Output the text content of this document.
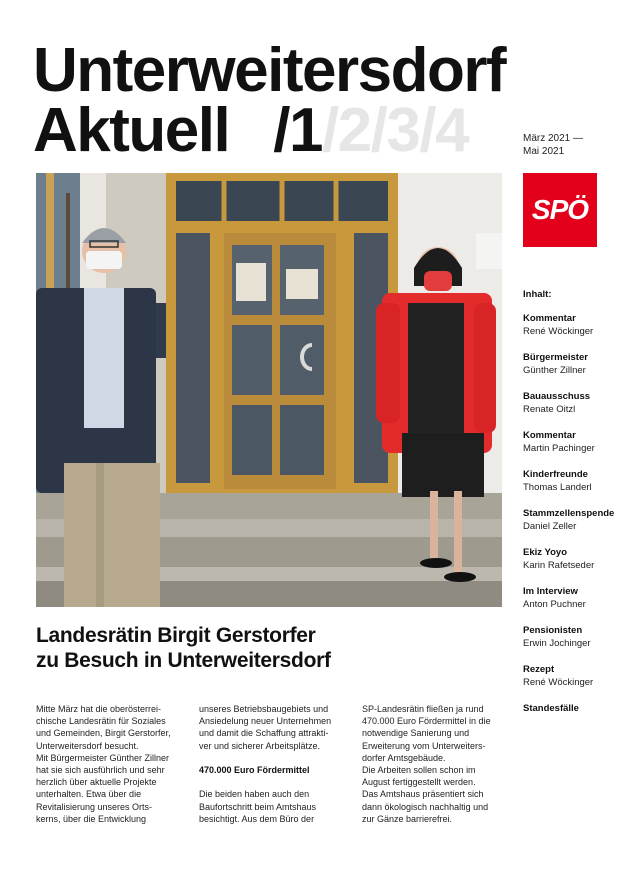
Unterweitersdorf
Aktuell /1/2/3/4	März 2021 —
Mai 2021
SPÖ
Inhalt:
Kommentar
René Wöckinger
Bürgermeister
Günther Zillner
Bauausschuss
Renate Oitzl
Kommentar
Martin Pachinger
Kinderfreunde
Thomas Landerl
Stammzellenspende
Daniel Zeller
Ekiz Yoyo
Karin Rafetseder
Im Interview
Anton Puchner
Pensionisten
Erwin Jochinger
Rezept
René Wöckinger
Standesfälle
Landesrätin Birgit Gerstorfer
zu Besuch in Unterweitersdorf
Mitte März hat die oberösterrei-
chische Landesrätin für Soziales
und Gemeinden, Birgit Gerstorfer,
Unterweitersdorf besucht.
Mit Bürgermeister Günther Zillner
hat sie sich ausführlich und sehr
herzlich über aktuelle Projekte
unterhalten. Etwa über die
Revitalisierung unseres Orts-
kerns, über die Entwicklung
unseres Betriebsbaugebiets und
Ansiedelung neuer Unternehmen
und damit die Schaffung attrakti-
ver und sicherer Arbeitsplätze.
470.000 Euro Fördermittel
Die beiden haben auch den
Baufortschritt beim Amtshaus
besichtigt. Aus dem Büro der
SP-Landesrätin fließen ja rund
470.000 Euro Fördermittel in die
notwendige Sanierung und
Erweiterung vom Unterweiters-
dorfer Amtsgebäude.
Die Arbeiten sollen schon im
August fertiggestellt werden.
Das Amtshaus präsentiert sich
dann ökologisch nachhaltig und
zur Gänze barrierefrei.
